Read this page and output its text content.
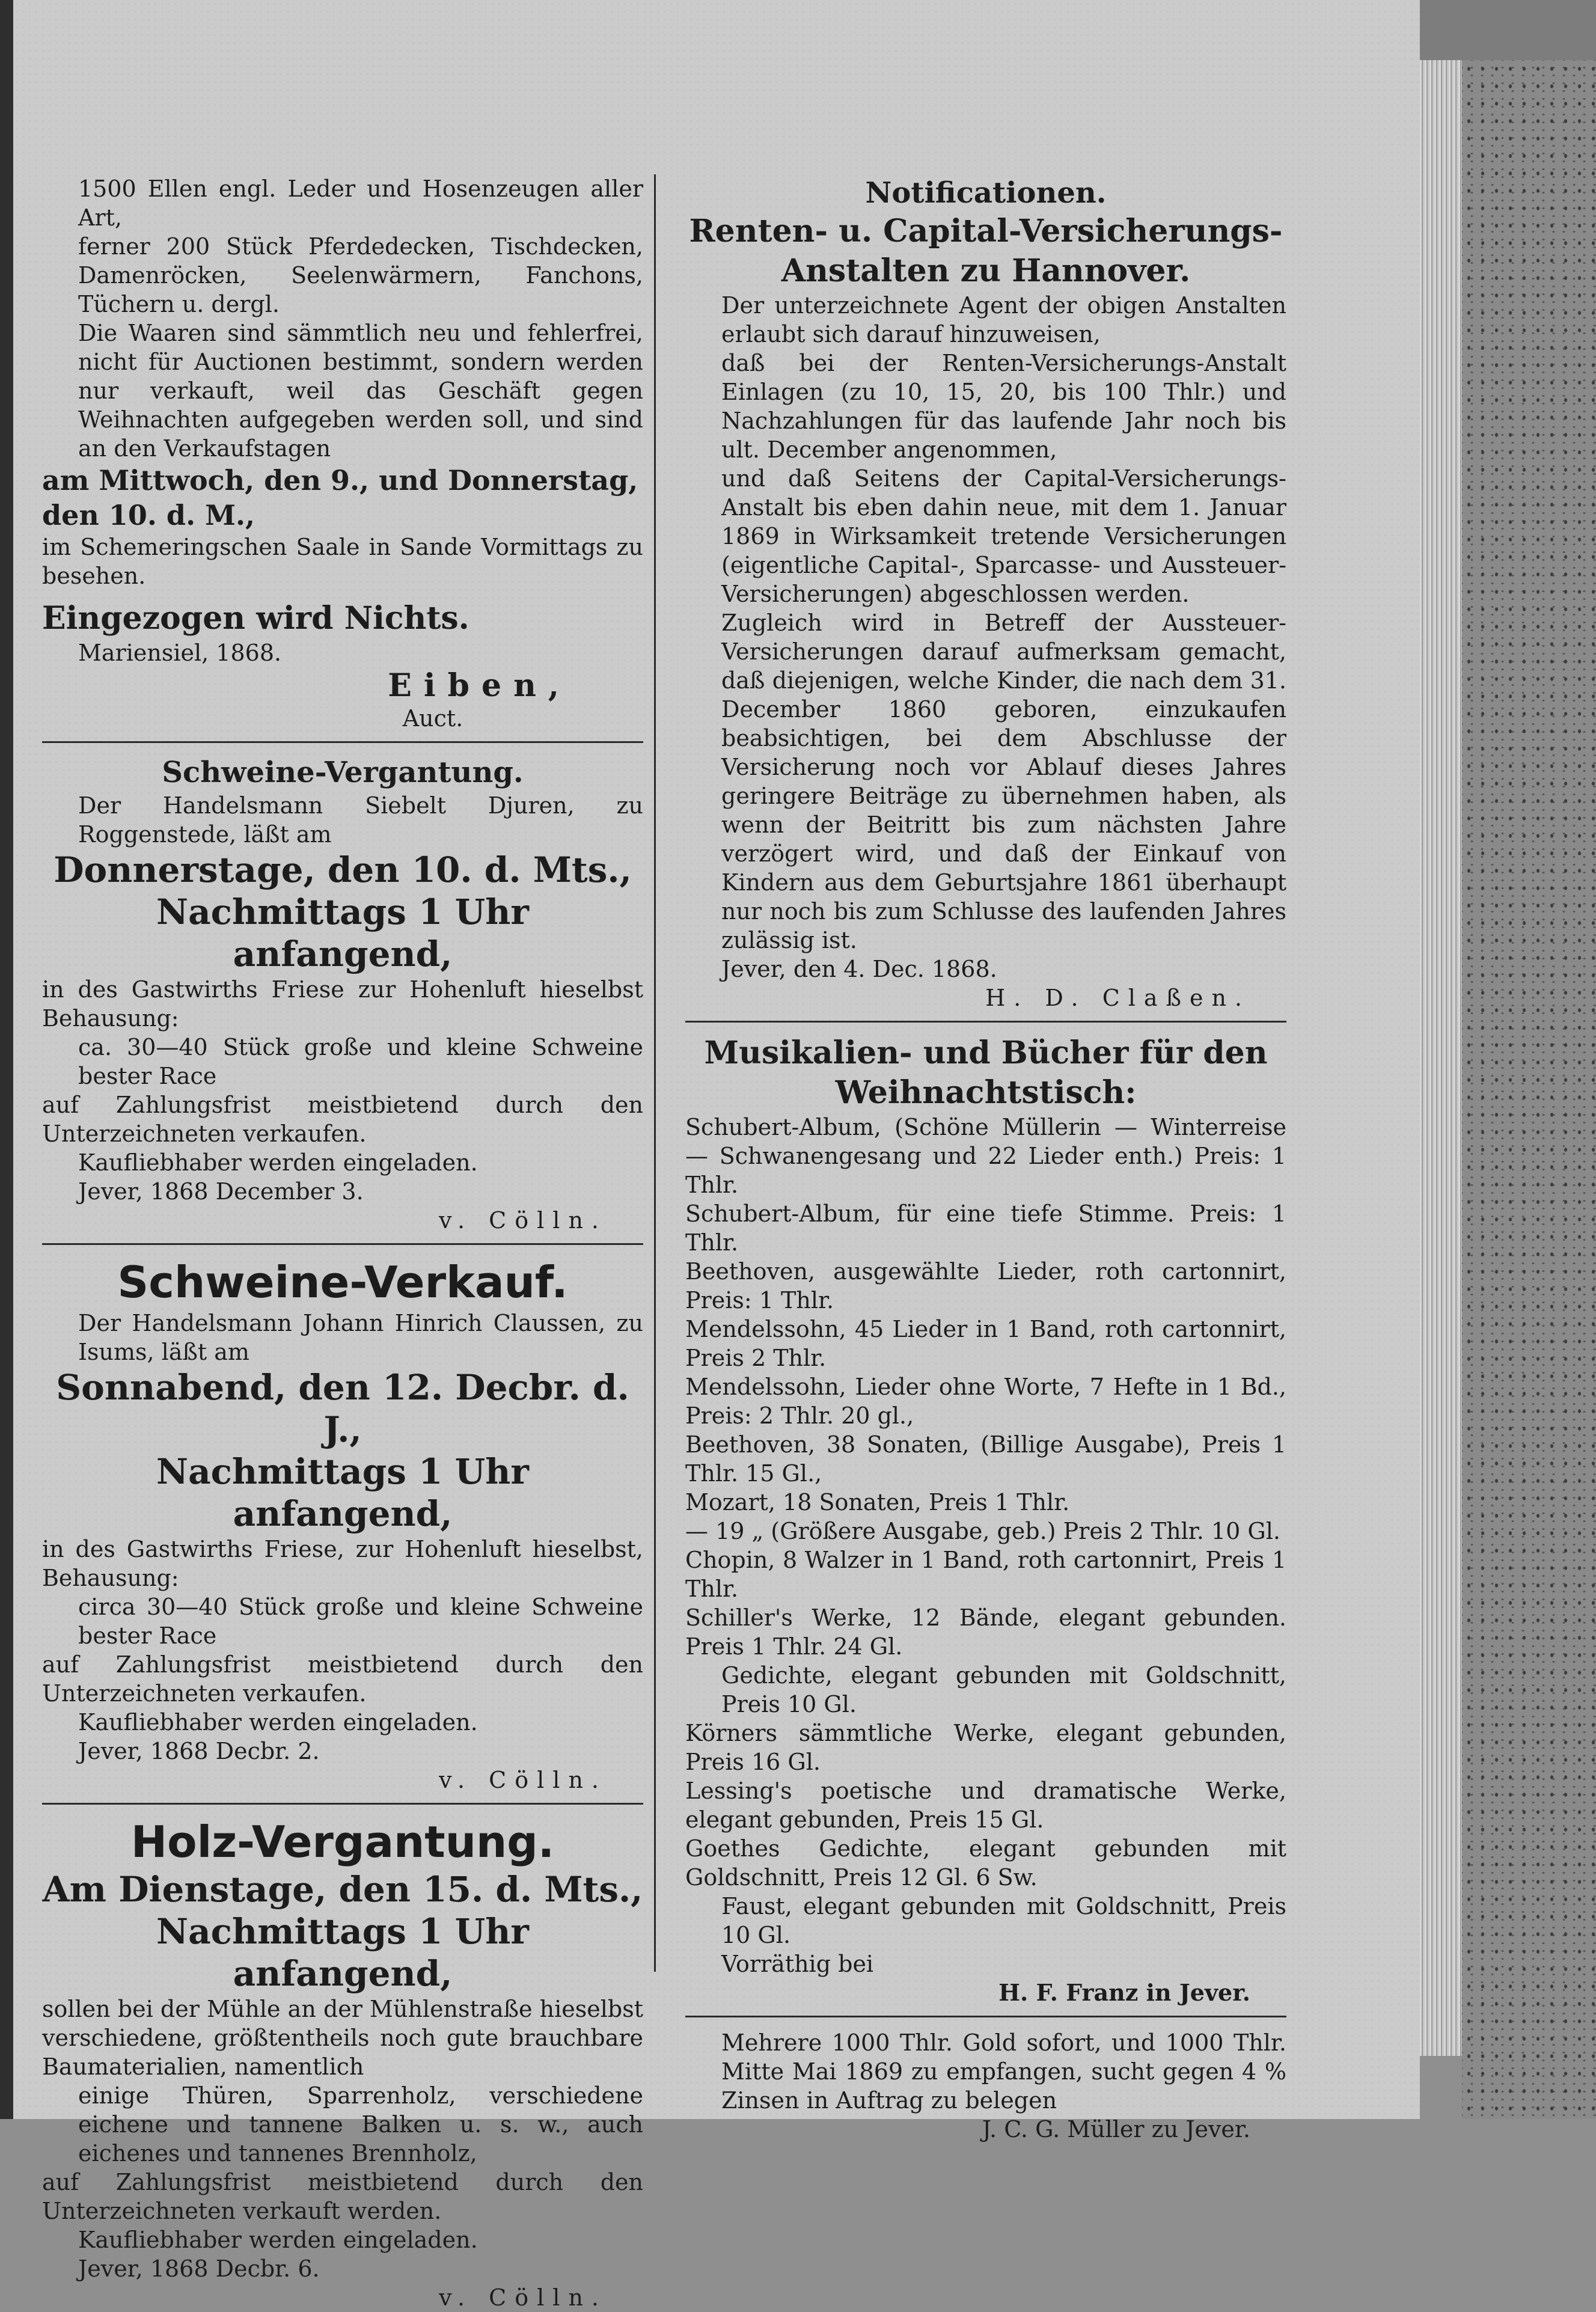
1500 Ellen engl. Leder und Hosenzeugen aller Art,

ferner 200 Stück Pferdedecken, Tischdecken, Damenröcken, Seelenwärmern, Fanchons, Tüchern u. dergl.

Die Waaren sind sämmtlich neu und fehlerfrei, nicht für Auctionen bestimmt, sondern werden nur verkauft, weil das Geschäft gegen Weihnachten aufgegeben werden soll, und sind an den Verkaufstagen

am Mittwoch, den 9., und Donnerstag, den 10. d. M.,

im Schemeringschen Saale in Sande Vormittags zu besehen.

Eingezogen wird Nichts.

Mariensiel, 1868.

Eiben,

Auct.

Schweine-Vergantung.

Der Handelsmann Siebelt Djuren, zu Roggenstede, läßt am

Donnerstage, den 10. d. Mts.,

Nachmittags 1 Uhr anfangend,

in des Gastwirths Friese zur Hohenluft hieselbst Behausung:

ca. 30—40 Stück große und kleine Schweine bester Race

auf Zahlungsfrist meistbietend durch den Unterzeichneten verkaufen.

Kaufliebhaber werden eingeladen.

Jever, 1868 December 3.

v. Cölln.

Schweine-Verkauf.

Der Handelsmann Johann Hinrich Claussen, zu Isums, läßt am

Sonnabend, den 12. Decbr. d. J.,

Nachmittags 1 Uhr anfangend,

in des Gastwirths Friese, zur Hohenluft hieselbst, Behausung:

circa 30—40 Stück große und kleine Schweine bester Race

auf Zahlungsfrist meistbietend durch den Unterzeichneten verkaufen.

Kaufliebhaber werden eingeladen.

Jever, 1868 Decbr. 2.

v. Cölln.

Holz-Vergantung.

Am Dienstage, den 15. d. Mts.,

Nachmittags 1 Uhr anfangend,

sollen bei der Mühle an der Mühlenstraße hieselbst verschiedene, größtentheils noch gute brauchbare Baumaterialien, namentlich

einige Thüren, Sparrenholz, verschiedene eichene und tannene Balken u. s. w., auch eichenes und tannenes Brennholz,

auf Zahlungsfrist meistbietend durch den Unterzeichneten verkauft werden.

Kaufliebhaber werden eingeladen.

Jever, 1868 Decbr. 6.

v. Cölln.

Notificationen.

Renten- u. Capital-Versicherungs-Anstalten zu Hannover.

Der unterzeichnete Agent der obigen Anstalten erlaubt sich darauf hinzuweisen,

daß bei der Renten-Versicherungs-Anstalt Einlagen (zu 10, 15, 20, bis 100 Thlr.) und Nachzahlungen für das laufende Jahr noch bis ult. December angenommen,

und daß Seitens der Capital-Versicherungs-Anstalt bis eben dahin neue, mit dem 1. Januar 1869 in Wirksamkeit tretende Versicherungen (eigentliche Capital-, Sparcasse- und Aussteuer-Versicherungen) abgeschlossen werden.

Zugleich wird in Betreff der Aussteuer-Versicherungen darauf aufmerksam gemacht, daß diejenigen, welche Kinder, die nach dem 31. December 1860 geboren, einzukaufen beabsichtigen, bei dem Abschlusse der Versicherung noch vor Ablauf dieses Jahres geringere Beiträge zu übernehmen haben, als wenn der Beitritt bis zum nächsten Jahre verzögert wird, und daß der Einkauf von Kindern aus dem Geburtsjahre 1861 überhaupt nur noch bis zum Schlusse des laufenden Jahres zulässig ist.

Jever, den 4. Dec. 1868.

H. D. Claßen.

Musikalien- und Bücher für den Weihnachtstisch:

Schubert-Album, (Schöne Müllerin — Winterreise — Schwanengesang und 22 Lieder enth.) Preis: 1 Thlr.

Schubert-Album, für eine tiefe Stimme. Preis: 1 Thlr.

Beethoven, ausgewählte Lieder, roth cartonnirt, Preis: 1 Thlr.

Mendelssohn, 45 Lieder in 1 Band, roth cartonnirt, Preis 2 Thlr.

Mendelssohn, Lieder ohne Worte, 7 Hefte in 1 Bd., Preis: 2 Thlr. 20 gl.,

Beethoven, 38 Sonaten, (Billige Ausgabe), Preis 1 Thlr. 15 Gl.,

Mozart, 18 Sonaten, Preis 1 Thlr.

— 19 „ (Größere Ausgabe, geb.) Preis 2 Thlr. 10 Gl.

Chopin, 8 Walzer in 1 Band, roth cartonnirt, Preis 1 Thlr.

Schiller's Werke, 12 Bände, elegant gebunden. Preis 1 Thlr. 24 Gl.

Gedichte, elegant gebunden mit Goldschnitt, Preis 10 Gl.

Körners sämmtliche Werke, elegant gebunden, Preis 16 Gl.

Lessing's poetische und dramatische Werke, elegant gebunden, Preis 15 Gl.

Goethes Gedichte, elegant gebunden mit Goldschnitt, Preis 12 Gl. 6 Sw.

Faust, elegant gebunden mit Goldschnitt, Preis 10 Gl.

Vorräthig bei

H. F. Franz in Jever.

Mehrere 1000 Thlr. Gold sofort, und 1000 Thlr. Mitte Mai 1869 zu empfangen, sucht gegen 4 % Zinsen in Auftrag zu belegen

J. C. G. Müller zu Jever.
